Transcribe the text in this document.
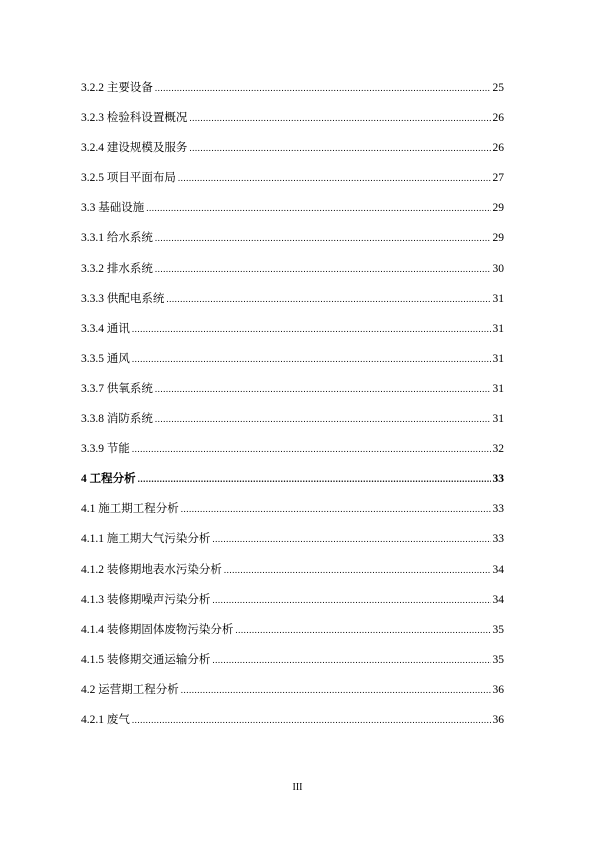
3.2.2 主要设备 .....	25
3.2.3 检验科设置概况 .....	26
3.2.4 建设规模及服务 .....	26
3.2.5 项目平面布局 .....	27
3.3 基础设施 .....	29
3.3.1 给水系统 .....	29
3.3.2 排水系统 .....	30
3.3.3 供配电系统 .....	31
3.3.4 通讯 .....	31
3.3.5 通风 .....	31
3.3.7 供氧系统 .....	31
3.3.8 消防系统 .....	31
3.3.9 节能 .....	32
4 工程分析 .....	33
4.1 施工期工程分析 .....	33
4.1.1 施工期大气污染分析 .....	33
4.1.2 装修期地表水污染分析 .....	34
4.1.3 装修期噪声污染分析 .....	34
4.1.4 装修期固体废物污染分析 .....	35
4.1.5 装修期交通运输分析 .....	35
4.2 运营期工程分析 .....	36
4.2.1 废气 .....	36
III
